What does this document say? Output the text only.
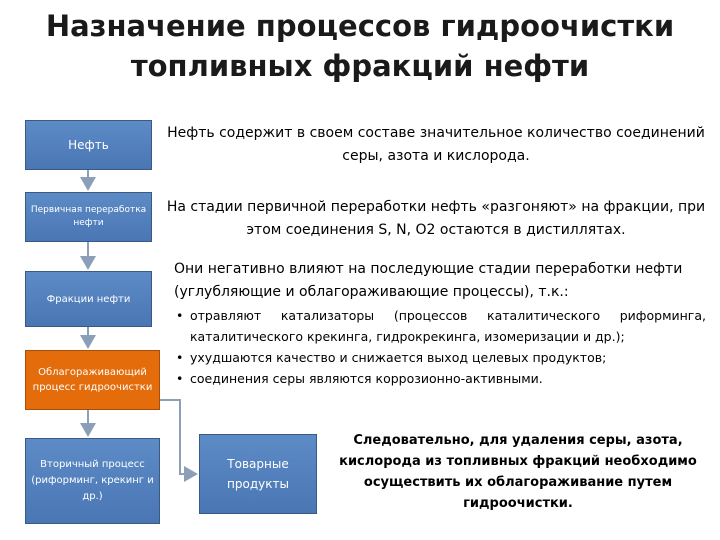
Назначение процессов гидроочистки
топливных фракций нефти
Нефть
Первичная переработка нефти
Фракции нефти
Облагораживающий процесс гидроочистки
Вторичный процесс (риформинг, крекинг и др.)
Товарные продукты
Нефть содержит в своем составе значительное количество соединений серы, азота и кислорода.
На стадии первичной переработки нефть «разгоняют» на фракции, при этом соединения S, N, O2 остаются в дистиллятах.
Они негативно влияют на последующие стадии переработки нефти (углубляющие и облагораживающие процессы), т.к.:
• отравляют катализаторы (процессов каталитического риформинга, каталитического крекинга, гидрокрекинга, изомеризации и др.);
• ухудшаются качество и снижается выход целевых продуктов;
• соединения серы являются коррозионно-активными.
Следовательно, для удаления серы, азота, кислорода из топливных фракций необходимо осуществить их облагораживание путем гидроочистки.
